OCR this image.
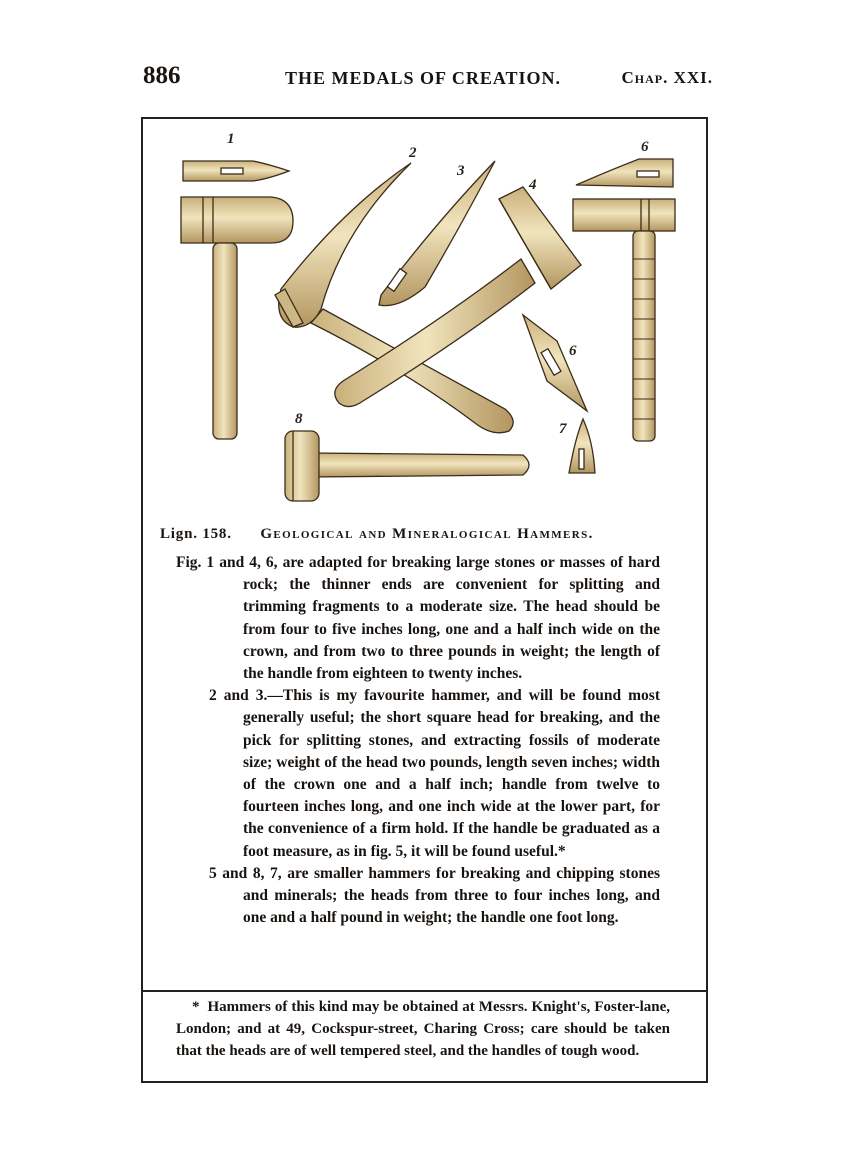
886	THE MEDALS OF CREATION.	Chap. XXI.
1
2
3
4
6
6
7
8
Lign. 158. Geological and Mineralogical Hammers.

Fig. 1 and 4, 6, are adapted for breaking large stones or masses of hard rock; the thinner ends are convenient for splitting and trimming fragments to a moderate size. The head should be from four to five inches long, one and a half inch wide on the crown, and from two to three pounds in weight; the length of the handle from eighteen to twenty inches.

2 and 3.—This is my favourite hammer, and will be found most generally useful; the short square head for breaking, and the pick for splitting stones, and extracting fossils of moderate size; weight of the head two pounds, length seven inches; width of the crown one and a half inch; handle from twelve to fourteen inches long, and one inch wide at the lower part, for the convenience of a firm hold. If the handle be graduated as a foot measure, as in fig. 5, it will be found useful.*

5 and 8, 7, are smaller hammers for breaking and chipping stones and minerals; the heads from three to four inches long, and one and a half pound in weight; the handle one foot long.

* Hammers of this kind may be obtained at Messrs. Knight's, Foster-lane, London; and at 49, Cockspur-street, Charing Cross; care should be taken that the heads are of well tempered steel, and the handles of tough wood.
